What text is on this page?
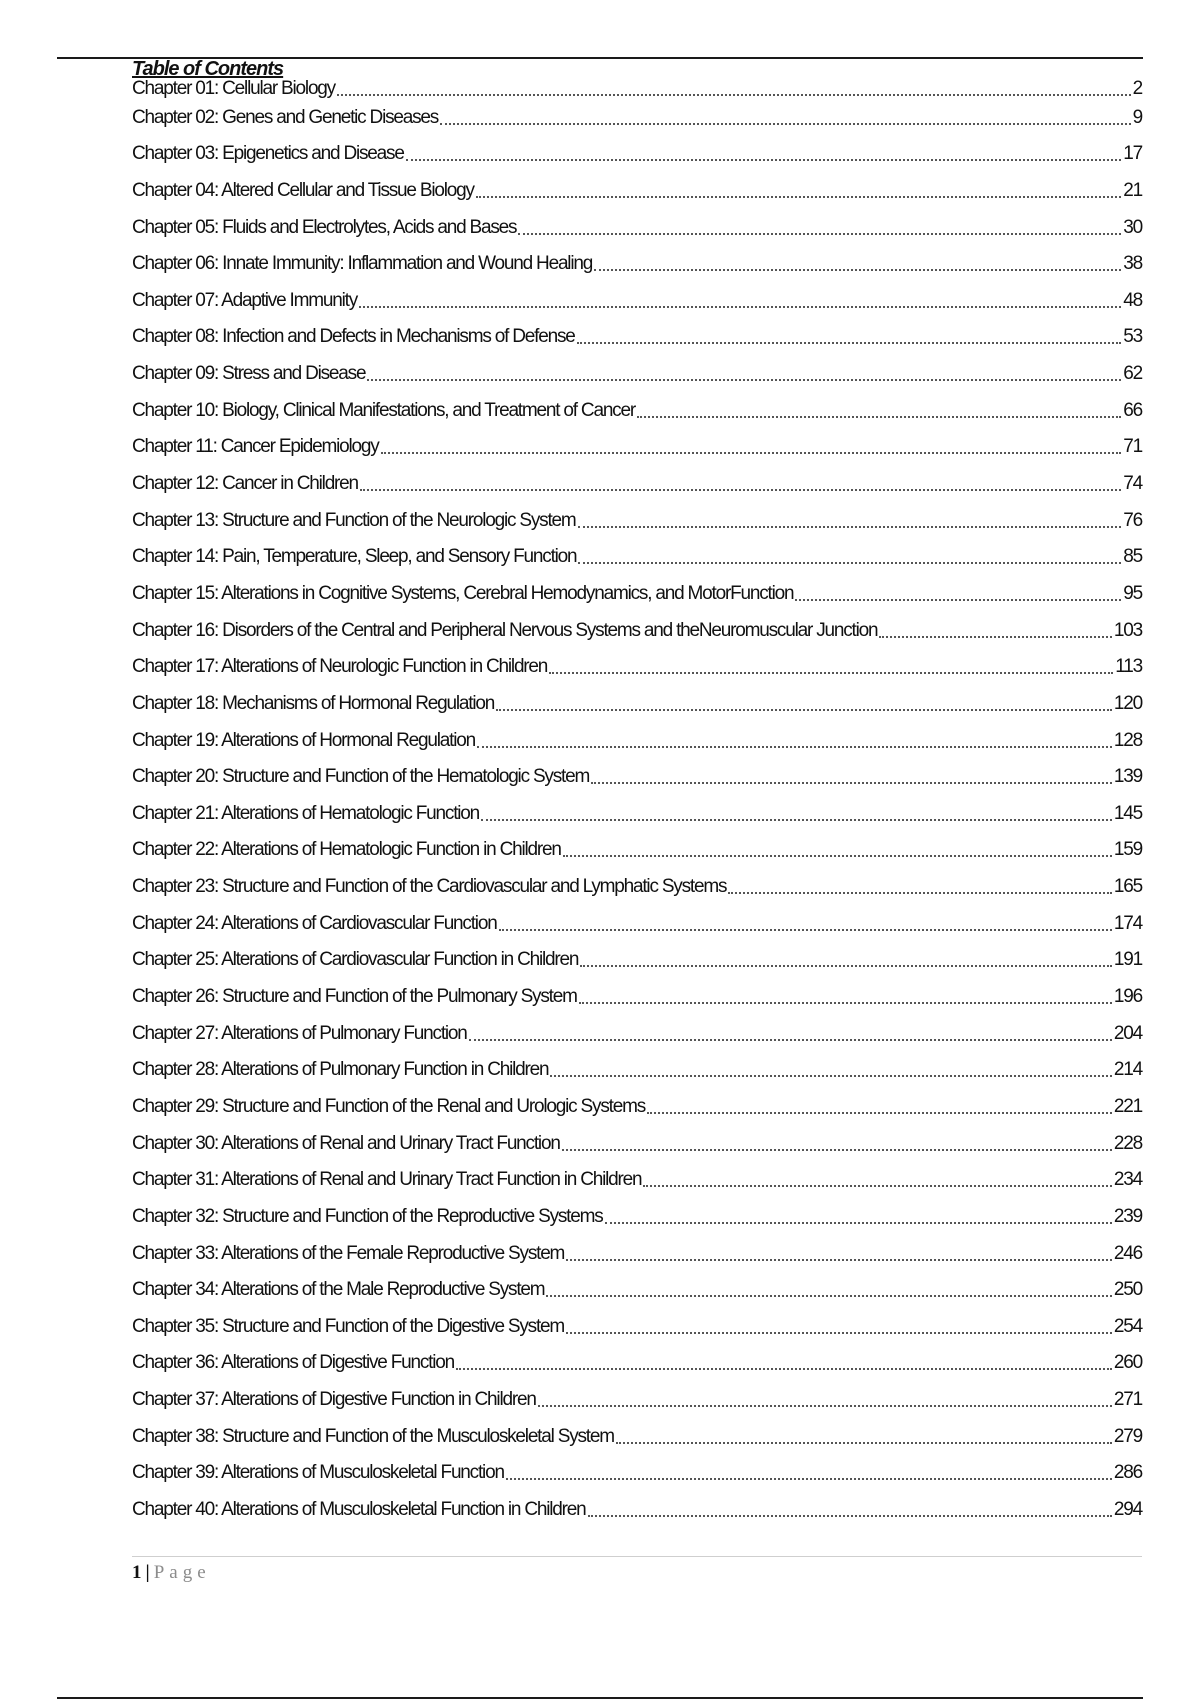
Table of Contents
Chapter 01: Cellular Biology	2
Chapter 02: Genes and Genetic Diseases	9
Chapter 03: Epigenetics and Disease	17
Chapter 04: Altered Cellular and Tissue Biology	21
Chapter 05: Fluids and Electrolytes, Acids and Bases	30
Chapter 06: Innate Immunity: Inflammation and Wound Healing	38
Chapter 07: Adaptive Immunity	48
Chapter 08: Infection and Defects in Mechanisms of Defense	53
Chapter 09: Stress and Disease	62
Chapter 10: Biology, Clinical Manifestations, and Treatment of Cancer	66
Chapter 11: Cancer Epidemiology	71
Chapter 12: Cancer in Children	74
Chapter 13: Structure and Function of the Neurologic System	76
Chapter 14: Pain, Temperature, Sleep, and Sensory Function	85
Chapter 15: Alterations in Cognitive Systems, Cerebral Hemodynamics, and MotorFunction	95
Chapter 16: Disorders of the Central and Peripheral Nervous Systems and theNeuromuscular Junction	103
Chapter 17: Alterations of Neurologic Function in Children	113
Chapter 18: Mechanisms of Hormonal Regulation	120
Chapter 19: Alterations of Hormonal Regulation	128
Chapter 20: Structure and Function of the Hematologic System	139
Chapter 21: Alterations of Hematologic Function	145
Chapter 22: Alterations of Hematologic Function in Children	159
Chapter 23: Structure and Function of the Cardiovascular and Lymphatic Systems	165
Chapter 24: Alterations of Cardiovascular Function	174
Chapter 25: Alterations of Cardiovascular Function in Children	191
Chapter 26: Structure and Function of the Pulmonary System	196
Chapter 27: Alterations of Pulmonary Function	204
Chapter 28: Alterations of Pulmonary Function in Children	214
Chapter 29: Structure and Function of the Renal and Urologic Systems	221
Chapter 30: Alterations of Renal and Urinary Tract Function	228
Chapter 31: Alterations of Renal and Urinary Tract Function in Children	234
Chapter 32: Structure and Function of the Reproductive Systems	239
Chapter 33: Alterations of the Female Reproductive System	246
Chapter 34: Alterations of the Male Reproductive System	250
Chapter 35: Structure and Function of the Digestive System	254
Chapter 36: Alterations of Digestive Function	260
Chapter 37: Alterations of Digestive Function in Children	271
Chapter 38: Structure and Function of the Musculoskeletal System	279
Chapter 39: Alterations of Musculoskeletal Function	286
Chapter 40: Alterations of Musculoskeletal Function in Children	294
1 | Page
